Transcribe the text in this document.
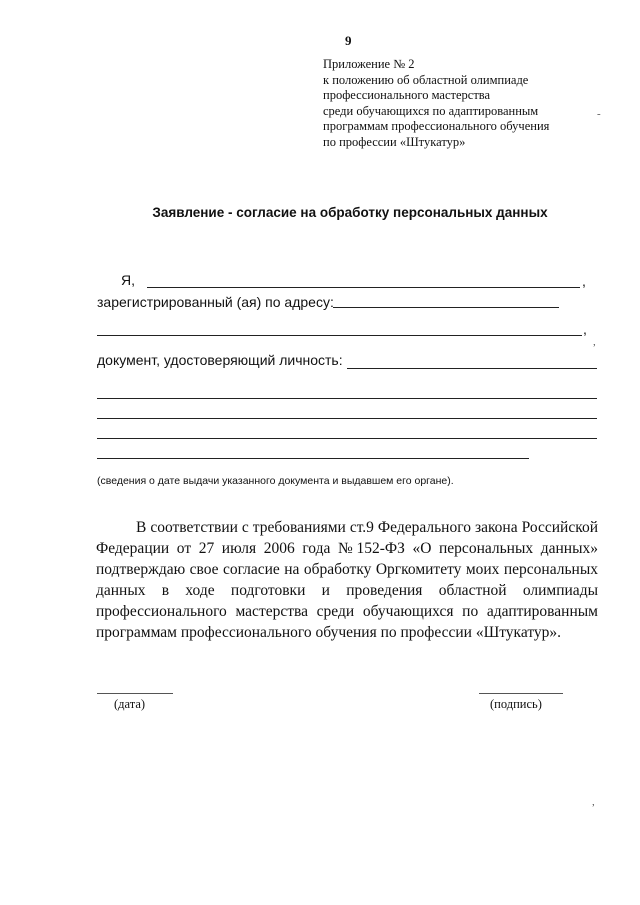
9
Приложение № 2
к положению об областной олимпиаде
профессионального мастерства
среди обучающихся по адаптированным
программам профессионального обучения
по профессии «Штукатур»
-
Заявление - согласие на обработку персональных данных
Я,	,
зарегистрированный (ая) по адресу:
,
,
документ, удостоверяющий личность:
(сведения о дате выдачи указанного документа и выдавшем его органе).
В соответствии с требованиями ст.9 Федерального закона Российской Федерации от 27 июля 2006 года №152-ФЗ «О персональных данных» подтверждаю свое согласие на обработку Оргкомитету моих персональных данных в ходе подготовки и проведения областной олимпиады профессионального мастерства среди обучающихся по адаптированным программам профессионального обучения по профессии «Штукатур».
(дата)	(подпись)
,
